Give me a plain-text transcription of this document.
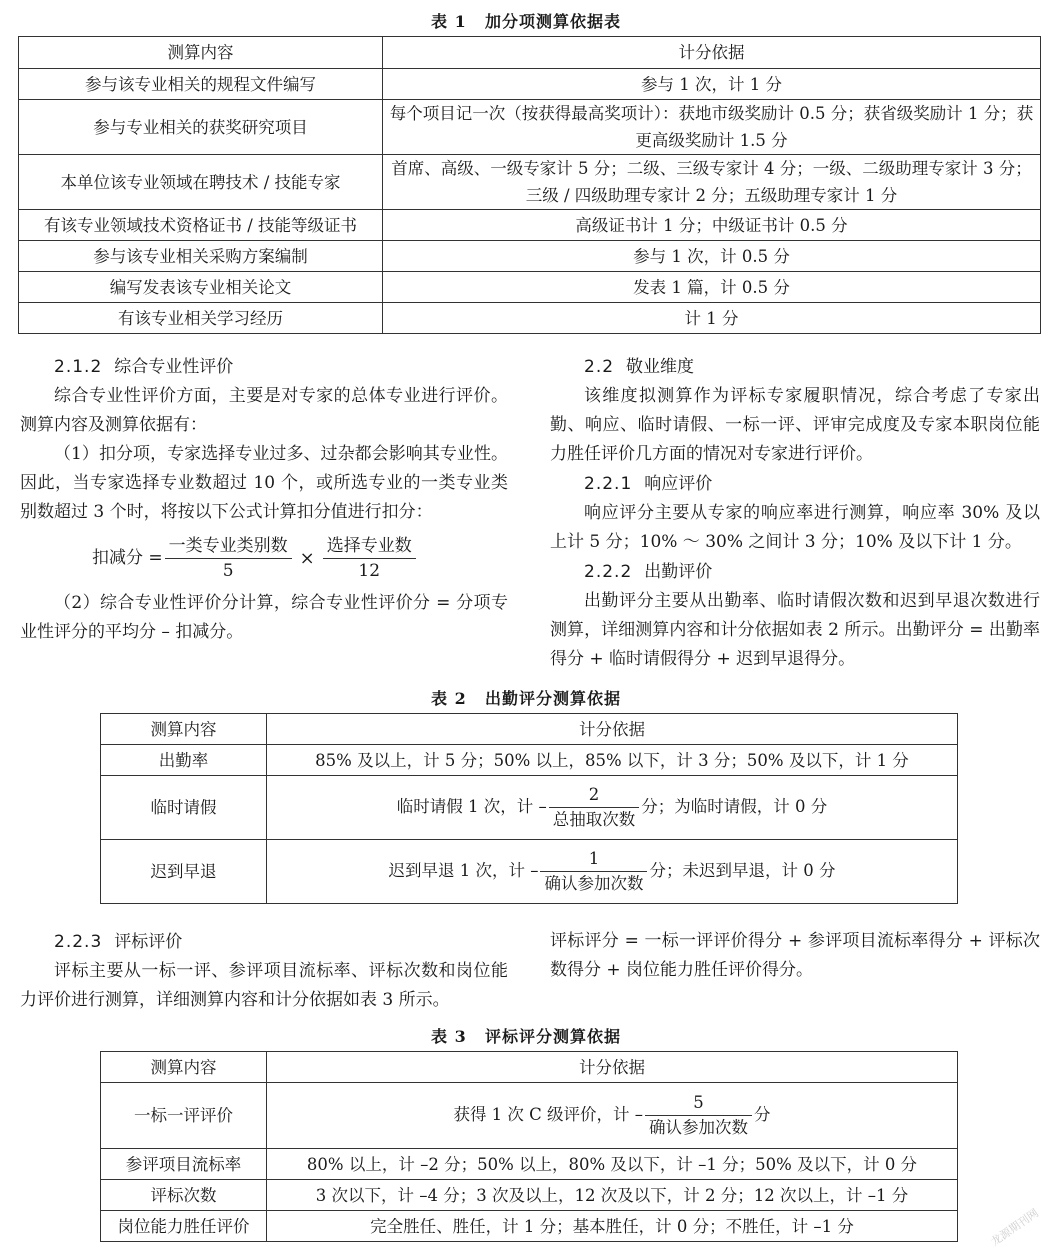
表 1 加分项测算依据表
测算内容	计分依据
参与该专业相关的规程文件编写	参与 1 次，计 1 分
参与专业相关的获奖研究项目	每个项目记一次（按获得最高奖项计）：获地市级奖励计 0.5 分；获省级奖励计 1 分；获更高级奖励计 1.5 分
本单位该专业领域在聘技术 / 技能专家	首席、高级、一级专家计 5 分；二级、三级专家计 4 分；一级、二级助理专家计 3 分；三级 / 四级助理专家计 2 分；五级助理专家计 1 分
有该专业领域技术资格证书 / 技能等级证书	高级证书计 1 分；中级证书计 0.5 分
参与该专业相关采购方案编制	参与 1 次，计 0.5 分
编写发表该专业相关论文	发表 1 篇，计 0.5 分
有该专业相关学习经历	计 1 分
2.1.2 综合专业性评价

综合专业性评价方面，主要是对专家的总体专业进行评价。测算内容及测算依据有：

（1）扣分项，专家选择专业过多、过杂都会影响其专业性。因此，当专家选择专业数超过 10 个，或所选专业的一类专业类别数超过 3 个时，将按以下公式计算扣分值进行扣分：

扣减分 = $\frac{\text{一类专业类别数}}{5} \times \frac{\text{选择专业数}}{12}$

（2）综合专业性评价分计算，综合专业性评价分 = 分项专业性评分的平均分 – 扣减分。

2.2 敬业维度

该维度拟测算作为评标专家履职情况，综合考虑了专家出勤、响应、临时请假、一标一评、评审完成度及专家本职岗位能力胜任评价几方面的情况对专家进行评价。

2.2.1 响应评价

响应评分主要从专家的响应率进行测算，响应率 30% 及以上计 5 分；10% ～ 30% 之间计 3 分；10% 及以下计 1 分。

2.2.2 出勤评价

出勤评分主要从出勤率、临时请假次数和迟到早退次数进行测算，详细测算内容和计分依据如表 2 所示。出勤评分 = 出勤率得分 + 临时请假得分 + 迟到早退得分。

表 2 出勤评分测算依据
测算内容	计分依据
出勤率	85% 及以上，计 5 分；50% 以上，85% 以下，计 3 分；50% 及以下，计 1 分
临时请假	临时请假 1 次，计 – $\frac{2}{\text{总抽取次数}}$ 分；为临时请假，计 0 分
迟到早退	迟到早退 1 次，计 – $\frac{1}{\text{确认参加次数}}$ 分；未迟到早退，计 0 分
2.2.3 评标评价

评标主要从一标一评、参评项目流标率、评标次数和岗位能力评价进行测算，详细测算内容和计分依据如表 3 所示。

评标评分 = 一标一评评价得分 + 参评项目流标率得分 + 评标次数得分 + 岗位能力胜任评价得分。

表 3 评标评分测算依据
测算内容	计分依据
一标一评评价	获得 1 次 C 级评价，计 – $\frac{5}{\text{确认参加次数}}$ 分
参评项目流标率	80% 以上，计 –2 分；50% 以上，80% 及以下，计 –1 分；50% 及以下，计 0 分
评标次数	3 次以下，计 –4 分；3 次及以上，12 次及以下，计 2 分；12 次以上，计 –1 分
岗位能力胜任评价	完全胜任、胜任，计 1 分；基本胜任，计 0 分；不胜任，计 –1 分	龙源期刊网
